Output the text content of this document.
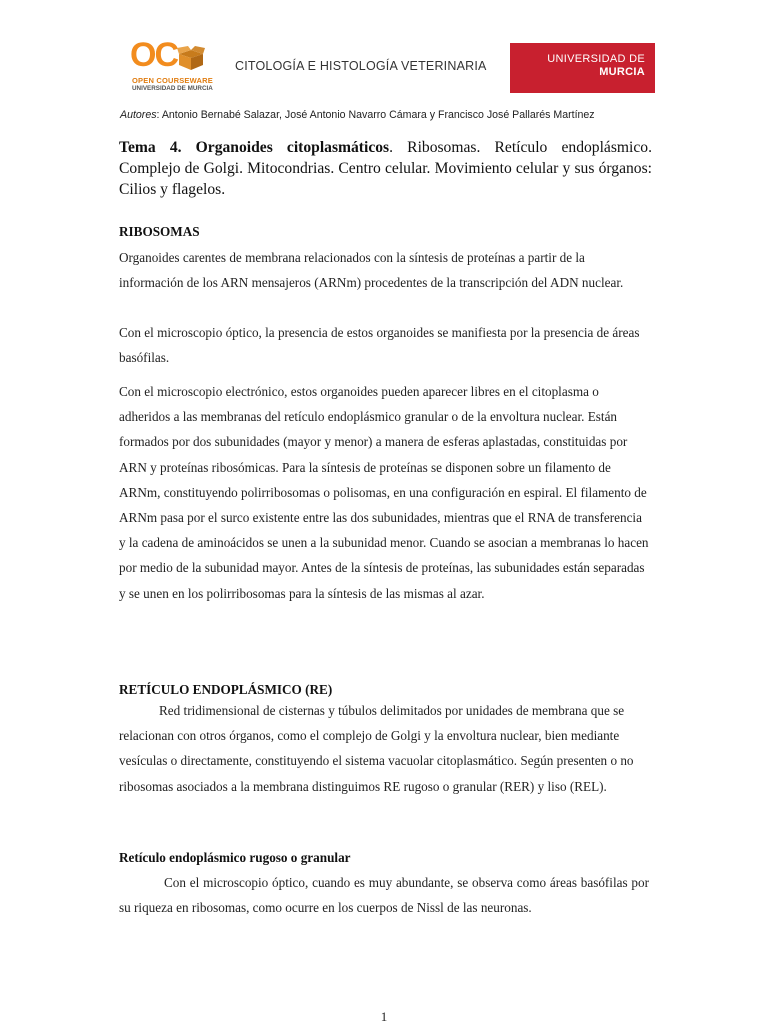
OC
OPEN COURSEWARE
UNIVERSIDAD DE MURCIA
CITOLOGÍA E HISTOLOGÍA VETERINARIA	UNIVERSIDAD DE
MURCIA
Autores: Antonio Bernabé Salazar, José Antonio Navarro Cámara y Francisco José Pallarés Martínez
Tema 4. Organoides citoplasmáticos. Ribosomas. Retículo endoplásmico. Complejo de Golgi. Mitocondrias. Centro celular. Movimiento celular y sus órganos: Cilios y flagelos.
RIBOSOMAS
Organoides carentes de membrana relacionados con la síntesis de proteínas a partir de la información de los ARN mensajeros (ARNm) procedentes de la transcripción del ADN nuclear.
Con el microscopio óptico, la presencia de estos organoides se manifiesta por la presencia de áreas basófilas.
Con el microscopio electrónico, estos organoides pueden aparecer libres en el citoplasma o adheridos a las membranas del retículo endoplásmico granular o de la envoltura nuclear. Están formados por dos subunidades (mayor y menor) a manera de esferas aplastadas, constituidas por ARN y proteínas ribosómicas. Para la síntesis de proteínas se disponen sobre un filamento de ARNm, constituyendo polirribosomas o polisomas, en una configuración en espiral. El filamento de ARNm pasa por el surco existente entre las dos subunidades, mientras que el RNA de transferencia y la cadena de aminoácidos se unen a la subunidad menor. Cuando se asocian a membranas lo hacen por medio de la subunidad mayor. Antes de la síntesis de proteínas, las subunidades están separadas y se unen en los polirribosomas para la síntesis de las mismas al azar.
RETÍCULO ENDOPLÁSMICO (RE)
Red tridimensional de cisternas y túbulos delimitados por unidades de membrana que se relacionan con otros órganos, como el complejo de Golgi y la envoltura nuclear, bien mediante vesículas o directamente, constituyendo el sistema vacuolar citoplasmático. Según presenten o no ribosomas asociados a la membrana distinguimos RE rugoso o granular (RER) y liso (REL).
Retículo endoplásmico rugoso o granular
Con el microscopio óptico, cuando es muy abundante, se observa como áreas basófilas por su riqueza en ribosomas, como ocurre en los cuerpos de Nissl de las neuronas.
1
